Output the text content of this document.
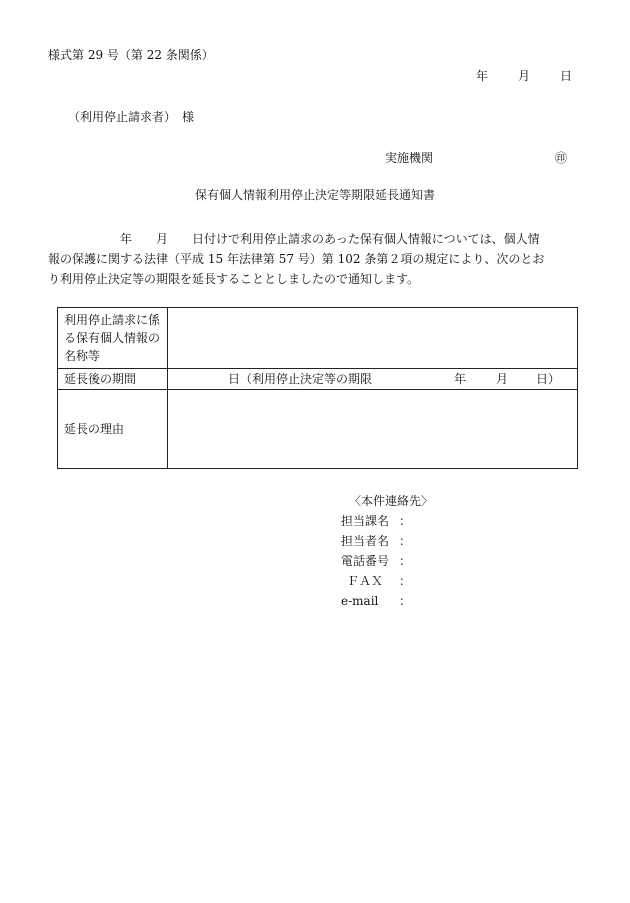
様式第 29 号（第 22 条関係）
年	月	日
（利用停止請求者）　様
実施機関	㊞
保有個人情報利用停止決定等期限延長通知書
　　　　　　年　　月　　日付けで利用停止請求のあった保有個人情報については、個人情
報の保護に関する法律（平成 15 年法律第 57 号）第 102 条第２項の規定により、次のとお
り利用停止決定等の期限を延長することとしましたので通知します。
利用停止請求に係る保有個人情報の名称等	

延長後の期間	日（利用停止決定等の期限 年 月 日）

延長の理由	
〈本件連絡先〉
担当課名 ：
担当者名 ：
電話番号 ：
ＦＡＸ	：
e-mail	：
